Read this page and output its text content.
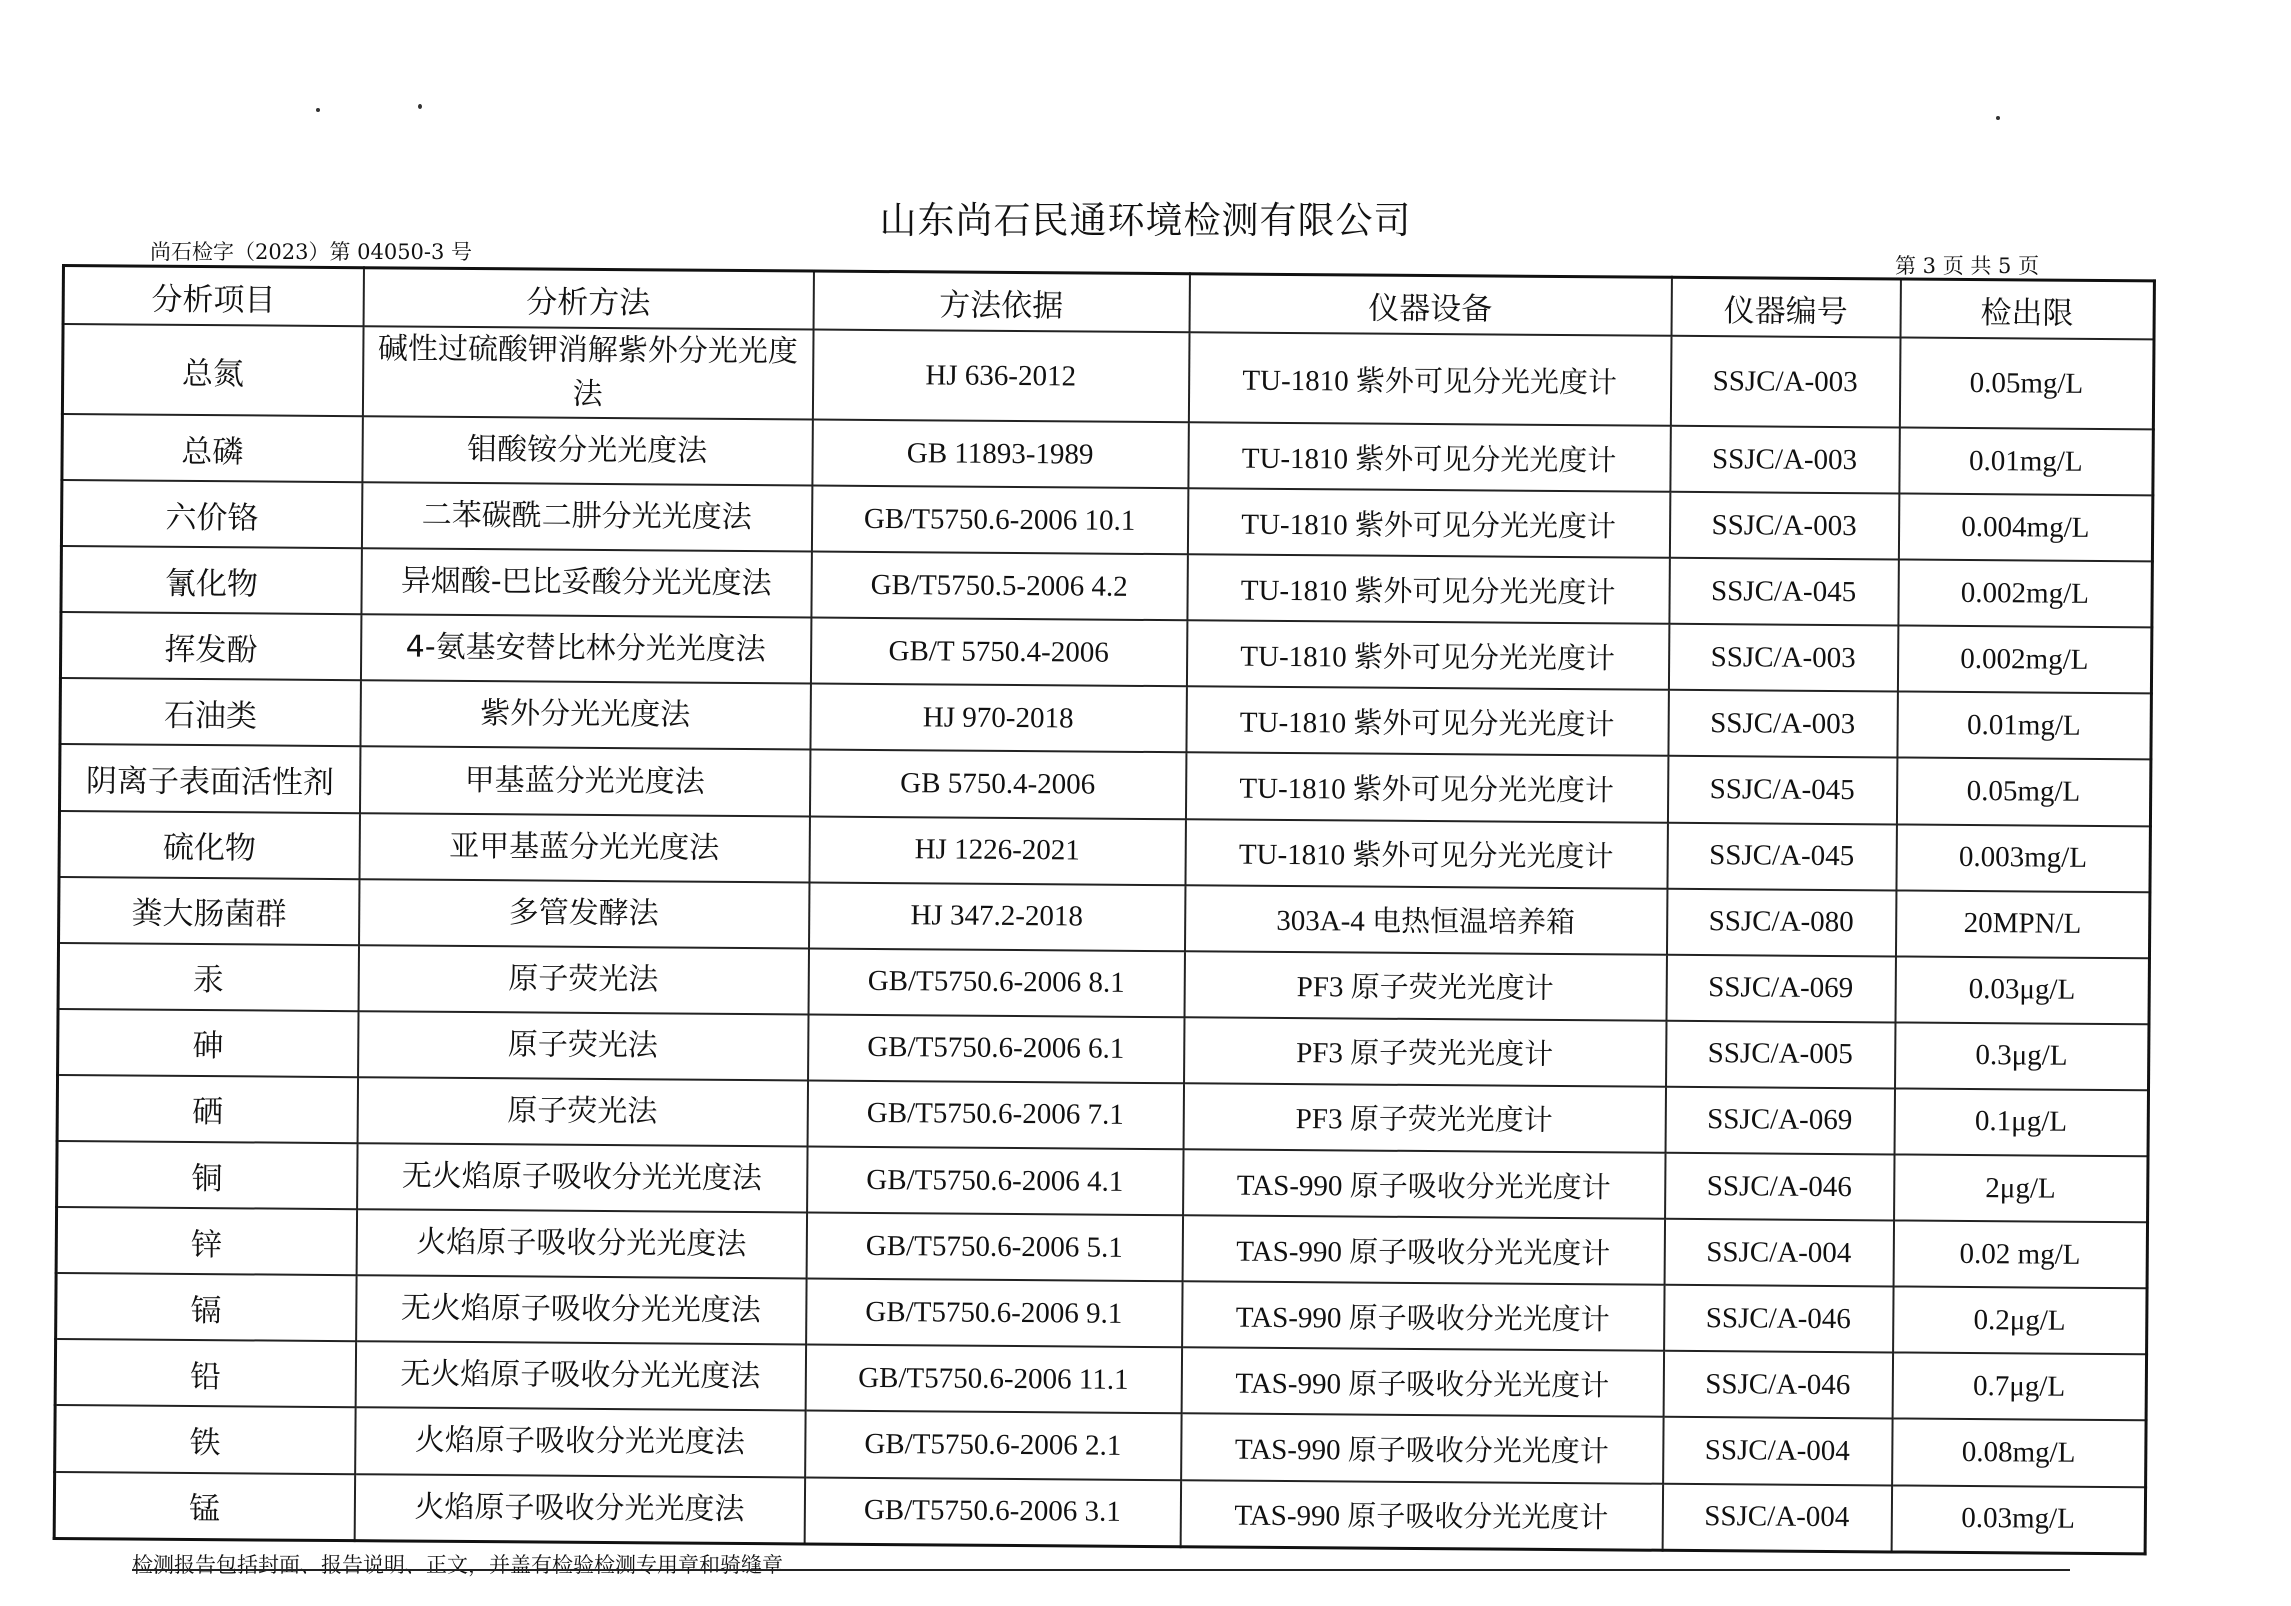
山东尚石民通环境检测有限公司
尚石检字（2023）第 04050-3 号
第 3 页 共 5 页
分析项目	分析方法	方法依据	仪器设备	仪器编号	检出限
总氮	碱性过硫酸钾消解紫外分光光度法	HJ 636-2012	TU-1810 紫外可见分光光度计	SSJC/A-003	0.05mg/L
总磷	钼酸铵分光光度法	GB 11893-1989	TU-1810 紫外可见分光光度计	SSJC/A-003	0.01mg/L
六价铬	二苯碳酰二肼分光光度法	GB/T5750.6-2006 10.1	TU-1810 紫外可见分光光度计	SSJC/A-003	0.004mg/L
氰化物	异烟酸-巴比妥酸分光光度法	GB/T5750.5-2006 4.2	TU-1810 紫外可见分光光度计	SSJC/A-045	0.002mg/L
挥发酚	4-氨基安替比林分光光度法	GB/T 5750.4-2006	TU-1810 紫外可见分光光度计	SSJC/A-003	0.002mg/L
石油类	紫外分光光度法	HJ 970-2018	TU-1810 紫外可见分光光度计	SSJC/A-003	0.01mg/L
阴离子表面活性剂	甲基蓝分光光度法	GB 5750.4-2006	TU-1810 紫外可见分光光度计	SSJC/A-045	0.05mg/L
硫化物	亚甲基蓝分光光度法	HJ 1226-2021	TU-1810 紫外可见分光光度计	SSJC/A-045	0.003mg/L
粪大肠菌群	多管发酵法	HJ 347.2-2018	303A-4 电热恒温培养箱	SSJC/A-080	20MPN/L
汞	原子荧光法	GB/T5750.6-2006 8.1	PF3 原子荧光光度计	SSJC/A-069	0.03μg/L
砷	原子荧光法	GB/T5750.6-2006 6.1	PF3 原子荧光光度计	SSJC/A-005	0.3μg/L
硒	原子荧光法	GB/T5750.6-2006 7.1	PF3 原子荧光光度计	SSJC/A-069	0.1μg/L
铜	无火焰原子吸收分光光度法	GB/T5750.6-2006 4.1	TAS-990 原子吸收分光光度计	SSJC/A-046	2μg/L
锌	火焰原子吸收分光光度法	GB/T5750.6-2006 5.1	TAS-990 原子吸收分光光度计	SSJC/A-004	0.02 mg/L
镉	无火焰原子吸收分光光度法	GB/T5750.6-2006 9.1	TAS-990 原子吸收分光光度计	SSJC/A-046	0.2μg/L
铅	无火焰原子吸收分光光度法	GB/T5750.6-2006 11.1	TAS-990 原子吸收分光光度计	SSJC/A-046	0.7μg/L
铁	火焰原子吸收分光光度法	GB/T5750.6-2006 2.1	TAS-990 原子吸收分光光度计	SSJC/A-004	0.08mg/L
锰	火焰原子吸收分光光度法	GB/T5750.6-2006 3.1	TAS-990 原子吸收分光光度计	SSJC/A-004	0.03mg/L
检测报告包括封面、报告说明、正文，并盖有检验检测专用章和骑缝章
